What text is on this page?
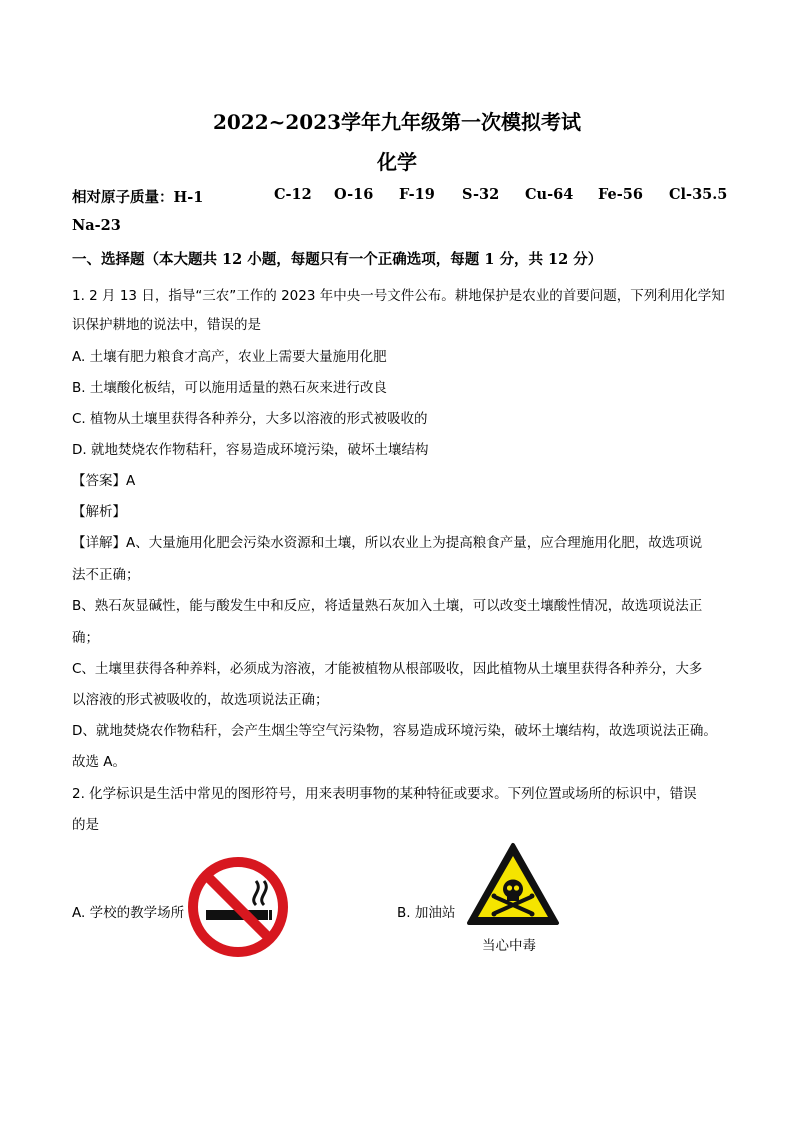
2022~2023学年九年级第一次模拟考试
化学
相对原子质量：H-1	C-12 O-16 F-19 S-32 Cu-64 Fe-56 Cl-35.5
Na-23
一、选择题（本大题共 12 小题，每题只有一个正确选项，每题 1 分，共 12 分）
1. 2 月 13 日，指导“三农”工作的 2023 年中央一号文件公布。耕地保护是农业的首要问题，下列利用化学知
识保护耕地的说法中，错误的是
A. 土壤有肥力粮食才高产，农业上需要大量施用化肥
B. 土壤酸化板结，可以施用适量的熟石灰来进行改良
C. 植物从土壤里获得各种养分，大多以溶液的形式被吸收的
D. 就地焚烧农作物秸秆，容易造成环境污染，破坏土壤结构
【答案】A
【解析】
【详解】A、大量施用化肥会污染水资源和土壤，所以农业上为提高粮食产量，应合理施用化肥，故选项说
法不正确；
B、熟石灰显碱性，能与酸发生中和反应，将适量熟石灰加入土壤，可以改变土壤酸性情况，故选项说法正
确；
C、土壤里获得各种养料，必须成为溶液，才能被植物从根部吸收，因此植物从土壤里获得各种养分，大多
以溶液的形式被吸收的，故选项说法正确；
D、就地焚烧农作物秸秆，会产生烟尘等空气污染物，容易造成环境污染，破坏土壤结构，故选项说法正确。
故选 A。
2. 化学标识是生活中常见的图形符号，用来表明事物的某种特征或要求。下列位置或场所的标识中，错误
的是
A. 学校的教学场所	B. 加油站
当心中毒
